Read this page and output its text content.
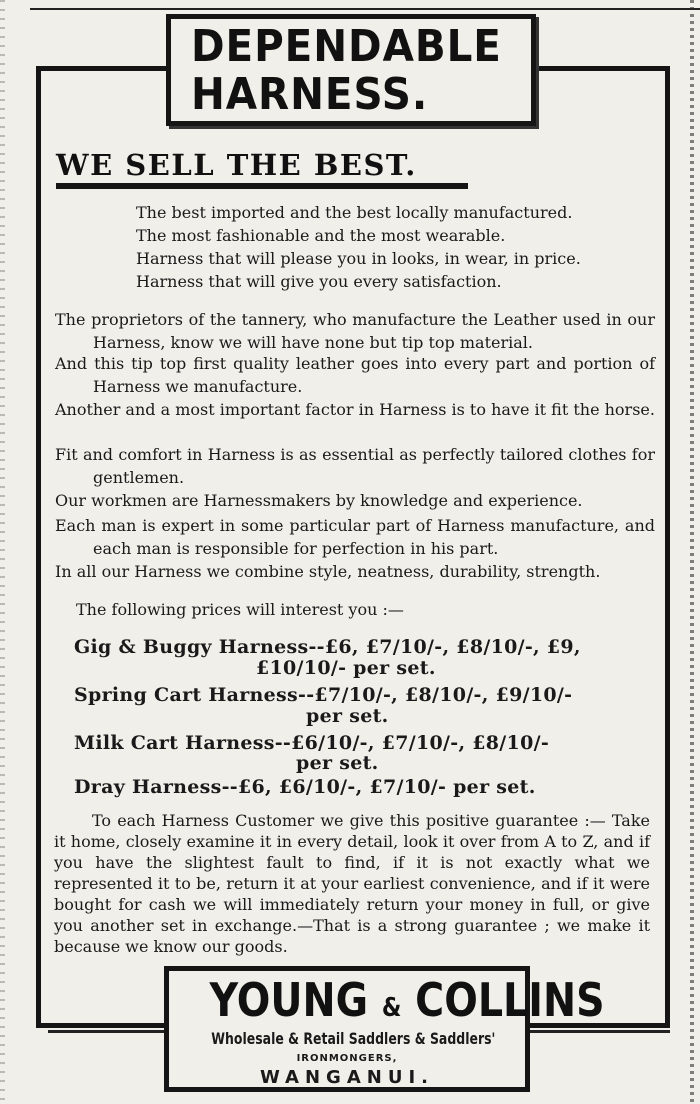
DEPENDABLE
HARNESS.
WE SELL THE BEST.
The best imported and the best locally manufactured.
The most fashionable and the most wearable.
Harness that will please you in looks, in wear, in price.
Harness that will give you every satisfaction.
The proprietors of the tannery, who manufacture the Leather used in our Harness, know we will have none but tip top material.
And this tip top first quality leather goes into every part and portion of Harness we manufacture.
Another and a most important factor in Harness is to have it fit the horse.
Fit and comfort in Harness is as essential as perfectly tailored clothes for gentlemen.
Our workmen are Harnessmakers by knowledge and experience.
Each man is expert in some particular part of Harness manufacture, and each man is responsible for perfection in his part.
In all our Harness we combine style, neatness, durability, strength.
The following prices will interest you :—
Gig & Buggy Harness--£6, £7/10/-, £8/10/-, £9,
£10/10/- per set.
Spring Cart Harness--£7/10/-, £8/10/-, £9/10/-
per set.
Milk Cart Harness--£6/10/-, £7/10/-, £8/10/-
per set.
Dray Harness--£6, £6/10/-, £7/10/- per set.
To each Harness Customer we give this positive guarantee :— Take it home, closely examine it in every detail, look it over from A to Z, and if you have the slightest fault to find, if it is not exactly what we represented it to be, return it at your earliest convenience, and if it were bought for cash we will immediately return your money in full, or give you another set in exchange.—That is a strong guarantee ; we make it because we know our goods.
YOUNG & COLLINS
Wholesale & Retail Saddlers & Saddlers'
IRONMONGERS,
WANGANUI.
